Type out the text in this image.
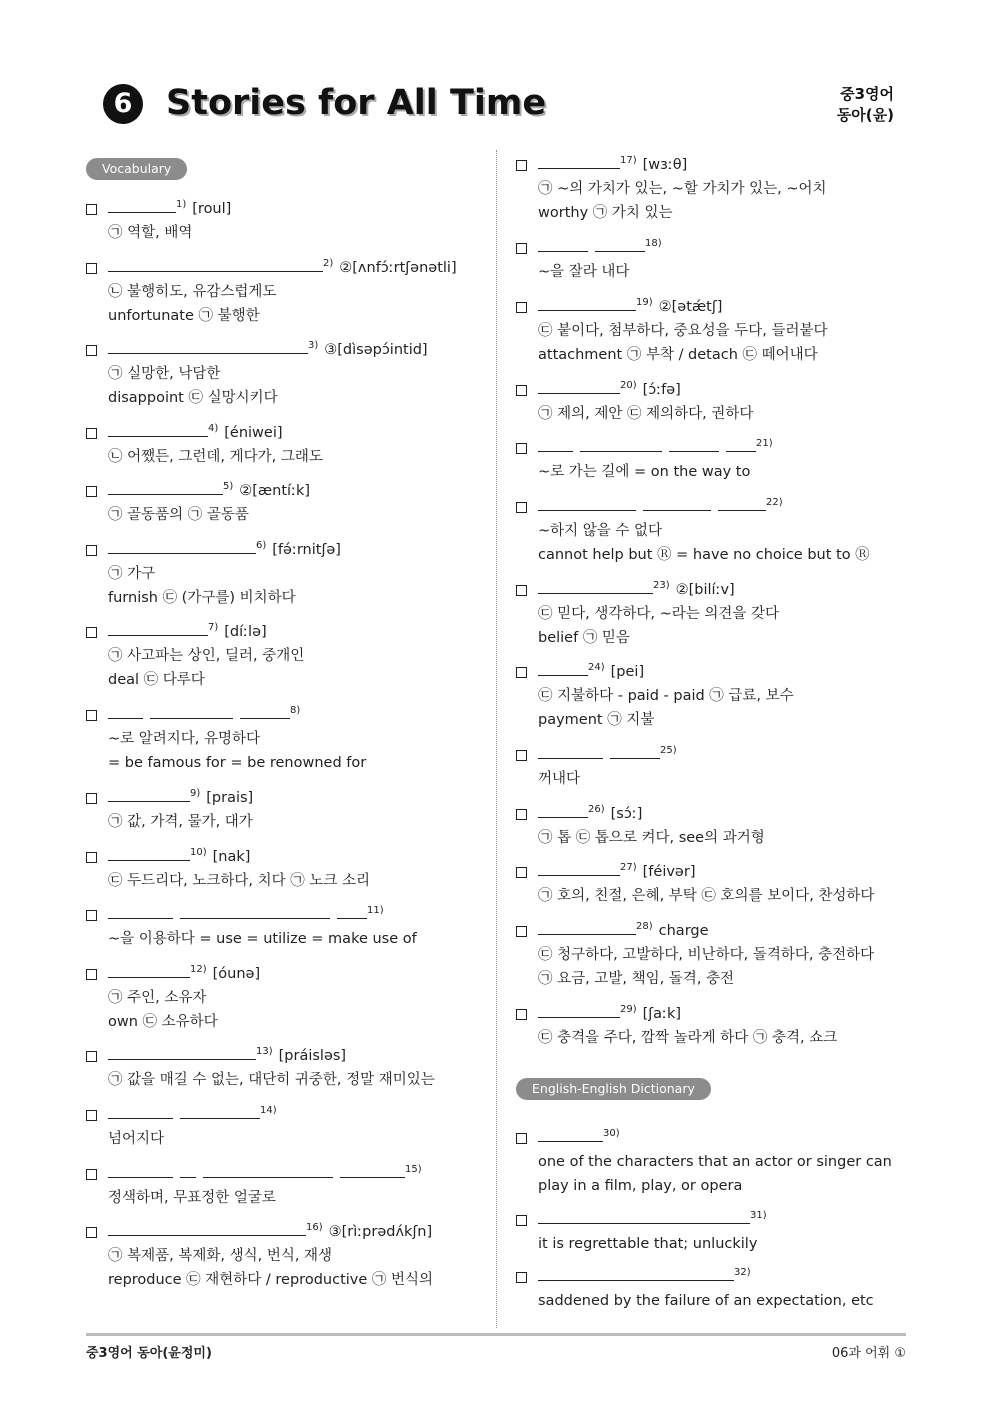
6 Stories for All Time	중3영어
동아(윤)
Vocabulary
English-English Dictionary
$^{1)}$ [roul]
㉠ 역할, 배역
$^{2)}$ ②[ʌnfɔ́ːrtʃənətli]
㉡ 불행히도, 유감스럽게도
unfortunate ㉠ 불행한
$^{3)}$ ③[dìsəpɔ́intid]
㉠ 실망한, 낙담한
disappoint ㉢ 실망시키다
$^{4)}$ [éniwei]
㉡ 어쨌든, 그런데, 게다가, 그래도
$^{5)}$ ②[æntíːk]
㉠ 골동품의 ㉠ 골동품
$^{6)}$ [fə́ːrnitʃə]
㉠ 가구
furnish ㉢ (가구를) 비치하다
$^{7)}$ [díːlə]
㉠ 사고파는 상인, 딜러, 중개인
deal ㉢ 다루다
$^{8)}$
~로 알려지다, 유명하다
= be famous for = be renowned for
$^{9)}$ [prais]
㉠ 값, 가격, 물가, 대가
$^{10)}$ [nak]
㉢ 두드리다, 노크하다, 치다 ㉠ 노크 소리
$^{11)}$
~을 이용하다 = use = utilize = make use of
$^{12)}$ [óunə]
㉠ 주인, 소유자
own ㉢ 소유하다
$^{13)}$ [práisləs]
㉠ 값을 매길 수 없는, 대단히 귀중한, 정말 재미있는
$^{14)}$
넘어지다
$^{15)}$
정색하며, 무표정한 얼굴로
$^{16)}$ ③[rìːprədʌ́kʃn]
㉠ 복제품, 복제화, 생식, 번식, 재생
reproduce ㉢ 재현하다 / reproductive ㉠ 번식의
$^{17)}$ [wɜːθ]
㉠ ~의 가치가 있는, ~할 가치가 있는, ~어치
worthy ㉠ 가치 있는
$^{18)}$
~을 잘라 내다
$^{19)}$ ②[ətǽtʃ]
㉢ 붙이다, 첨부하다, 중요성을 두다, 들러붙다
attachment ㉠ 부착 / detach ㉢ 떼어내다
$^{20)}$ [ɔ́ːfə]
㉠ 제의, 제안 ㉢ 제의하다, 권하다
$^{21)}$
~로 가는 길에 = on the way to
$^{22)}$
~하지 않을 수 없다
cannot help but Ⓡ = have no choice but to Ⓡ
$^{23)}$ ②[bilíːv]
㉢ 믿다, 생각하다, ~라는 의견을 갖다
belief ㉠ 믿음
$^{24)}$ [pei]
㉢ 지불하다 - paid - paid ㉠ 급료, 보수
payment ㉠ 지불
$^{25)}$
꺼내다
$^{26)}$ [sɔ́ː]
㉠ 톱 ㉢ 톱으로 켜다, see의 과거형
$^{27)}$ [féivər]
㉠ 호의, 친절, 은혜, 부탁 ㉢ 호의를 보이다, 찬성하다
$^{28)}$ charge
㉢ 청구하다, 고발하다, 비난하다, 돌격하다, 충전하다
㉠ 요금, 고발, 책임, 돌격, 충전
$^{29)}$ [ʃaːk]
㉢ 충격을 주다, 깜짝 놀라게 하다 ㉠ 충격, 쇼크
$^{30)}$
one of the characters that an actor or singer can
play in a film, play, or opera
$^{31)}$
it is regrettable that; unluckily
$^{32)}$
saddened by the failure of an expectation, etc
중3영어 동아(윤정미)	06과 어휘 ①
